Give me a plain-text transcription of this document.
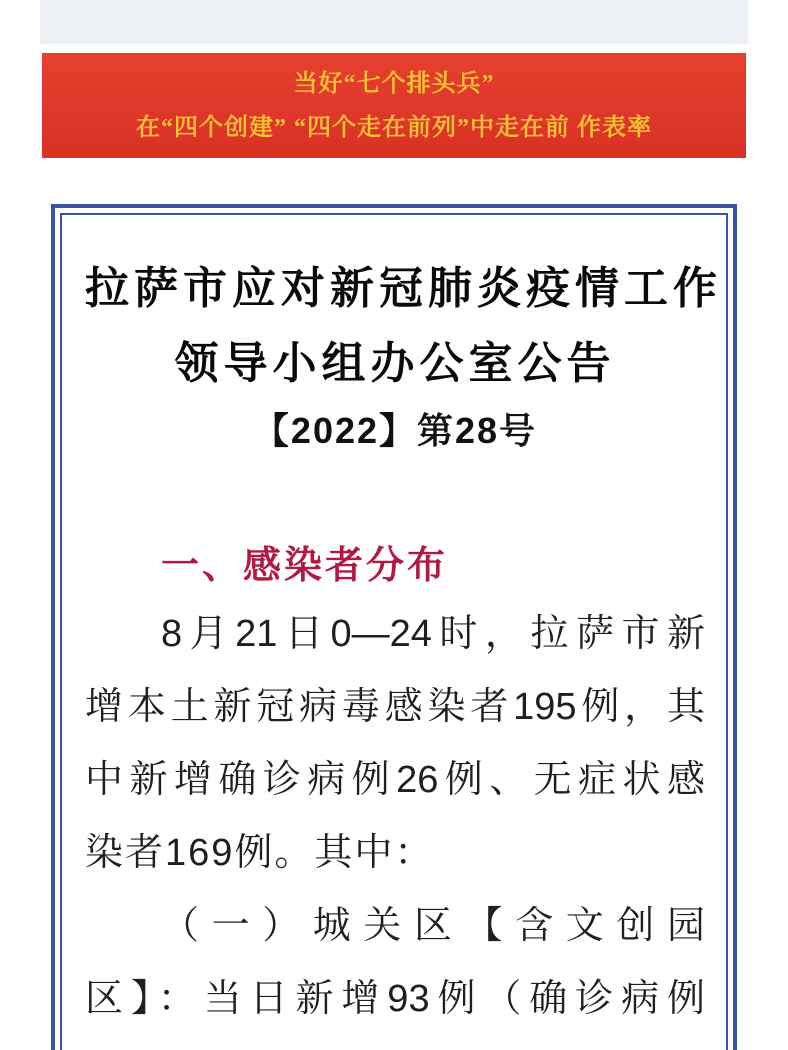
当好“七个排头兵”
在“四个创建” “四个走在前列”中走在前 作表率
拉萨市应对新冠肺炎疫情工作
领导小组办公室公告
【2022】第28号
一、感染者分布
8月21日0—24时，拉萨市新
增本土新冠病毒感染者195例，其
中新增确诊病例26例、无症状感
染者169例。其中：
（一）城关区【含文创园
区】：当日新增93例（确诊病例
